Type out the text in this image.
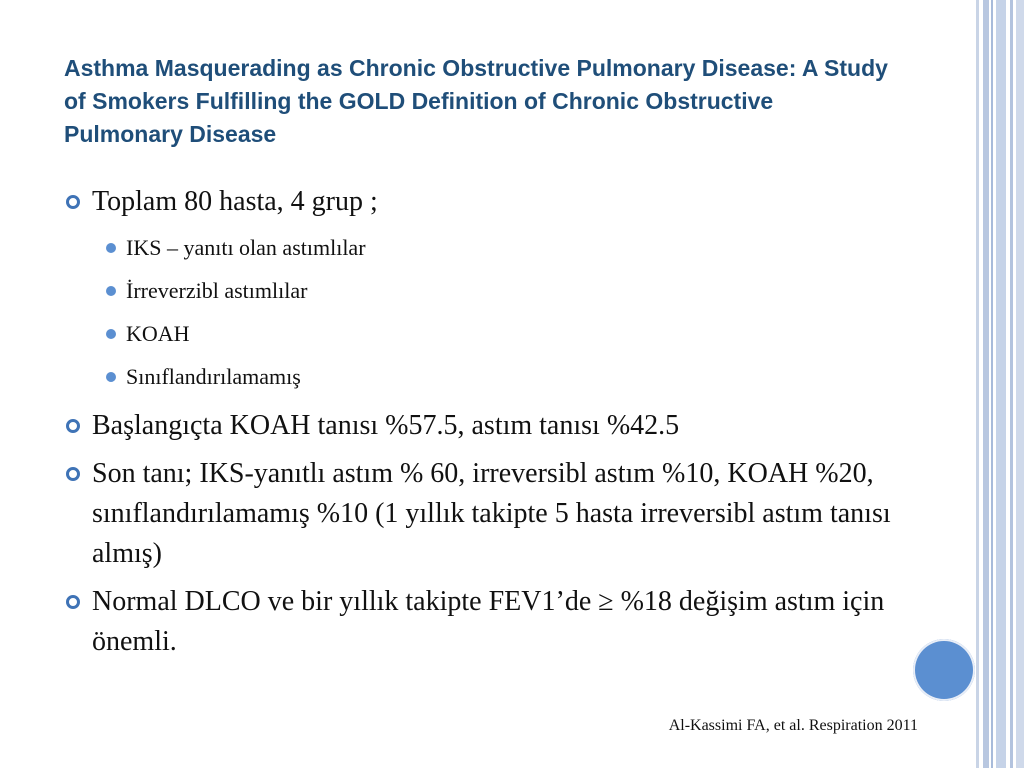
Asthma Masquerading as Chronic Obstructive Pulmonary Disease: A Study of Smokers Fulfilling the GOLD Definition of Chronic Obstructive Pulmonary Disease
Toplam 80 hasta, 4 grup ;
IKS – yanıtı olan astımlılar
İrreverzibl astımlılar
KOAH
Sınıflandırılamamış
Başlangıçta KOAH tanısı %57.5, astım tanısı %42.5
Son tanı; IKS-yanıtlı astım % 60, irreversibl astım %10, KOAH %20, sınıflandırılamamış %10 (1 yıllık takipte 5 hasta irreversibl astım tanısı almış)
Normal DLCO ve bir yıllık takipte FEV1’de ≥ %18 değişim astım için önemli.
Al-Kassimi FA, et al. Respiration 2011
